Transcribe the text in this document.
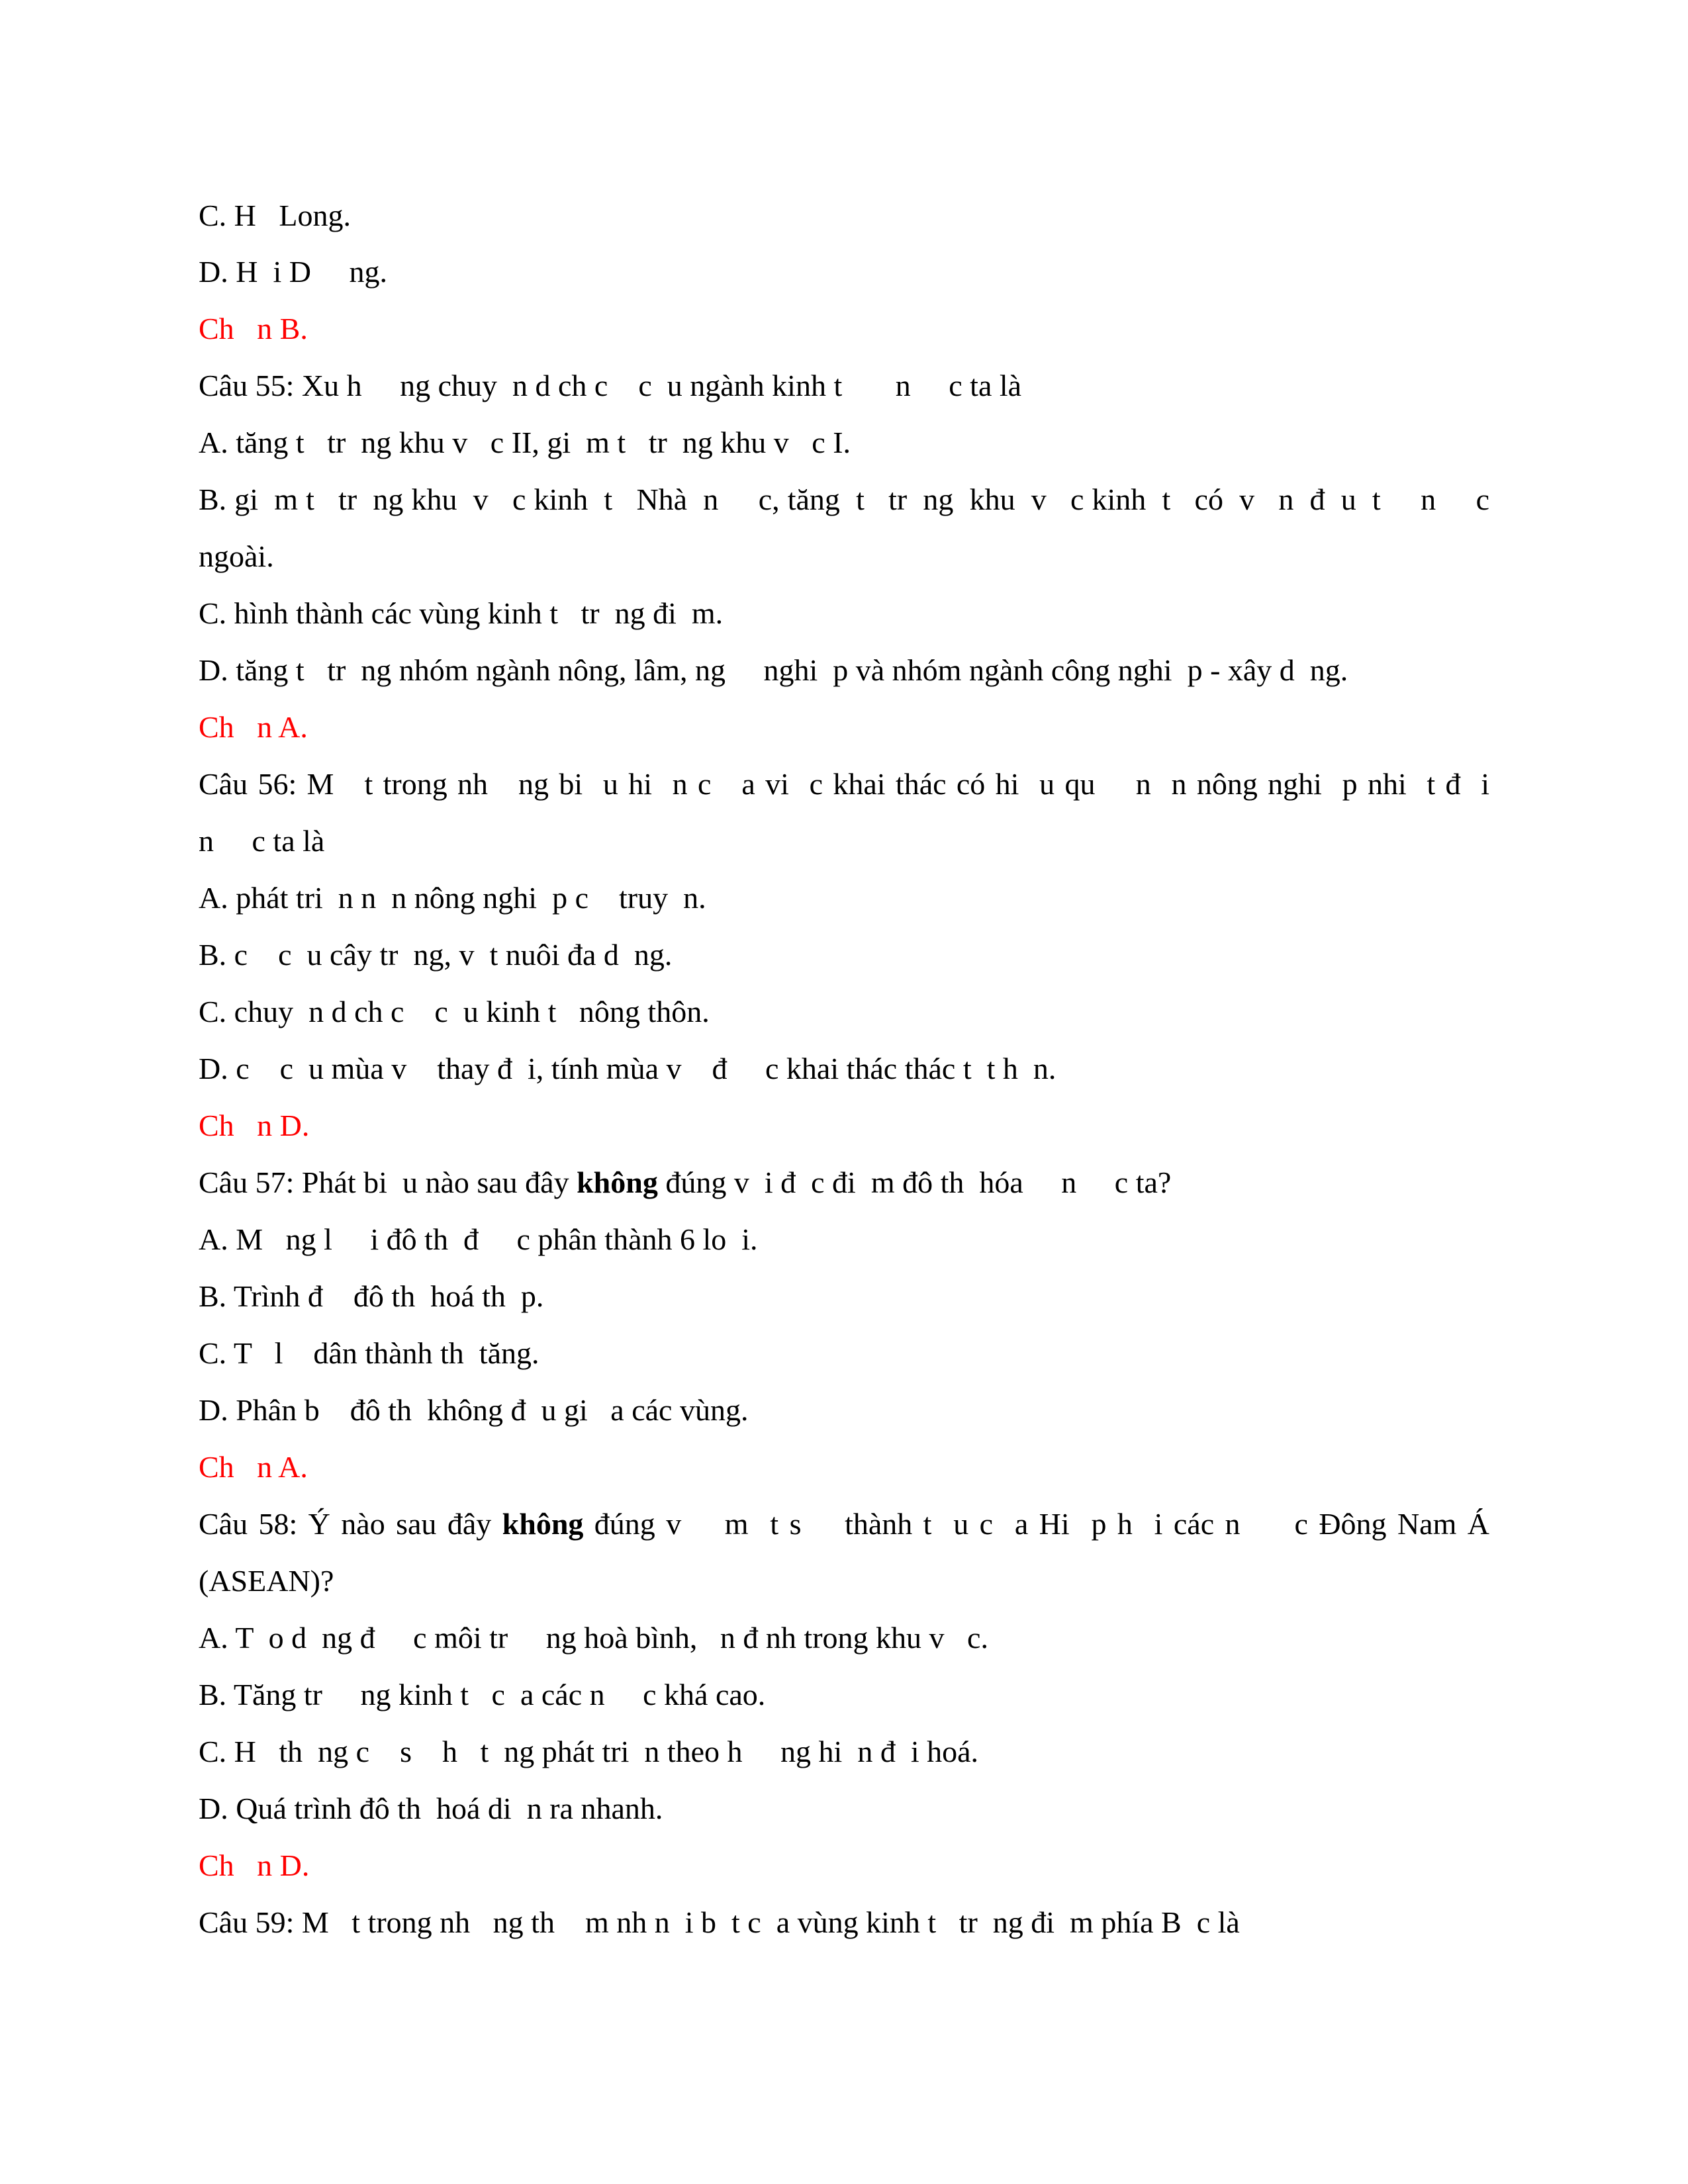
C. H   Long.
D. H  i D     ng.
Ch   n B.
Câu 55: Xu h     ng chuy  n d ch c    c  u ngành kinh t       n     c ta là
A. tăng t   tr  ng khu v   c II, gi  m t   tr  ng khu v   c I.
B. gi  m t   tr  ng khu  v   c kinh  t   Nhà  n     c, tăng  t   tr  ng  khu  v   c kinh  t   có  v   n  đ  u  t     n     c
ngoài.
C. hình thành các vùng kinh t   tr  ng đi  m.
D. tăng t   tr  ng nhóm ngành nông, lâm, ng     nghi  p và nhóm ngành công nghi  p - xây d  ng.
Ch   n A.
Câu 56: M   t trong nh   ng bi  u hi  n c   a vi  c khai thác có hi  u qu    n  n nông nghi  p nhi  t đ  i
n     c ta là
A. phát tri  n n  n nông nghi  p c    truy  n.
B. c    c  u cây tr  ng, v  t nuôi đa d  ng.
C. chuy  n d ch c    c  u kinh t   nông thôn.
D. c    c  u mùa v    thay đ  i, tính mùa v    đ     c khai thác thác t  t h  n.
Ch   n D.
Câu 57: Phát bi  u nào sau đây không đúng v  i đ  c đi  m đô th  hóa     n     c ta?
A. M   ng l     i đô th  đ     c phân thành 6 lo  i.
B. Trình đ    đô th  hoá th  p.
C. T   l    dân thành th  tăng.
D. Phân b    đô th  không đ  u gi   a các vùng.
Ch   n A.
Câu 58: Ý nào sau đây không đúng v    m  t s    thành t  u c  a Hi  p h  i các n     c Đông Nam Á
(ASEAN)?
A. T  o d  ng đ     c môi tr     ng hoà bình,   n đ nh trong khu v   c.
B. Tăng tr     ng kinh t   c  a các n     c khá cao.
C. H   th  ng c    s    h   t  ng phát tri  n theo h     ng hi  n đ  i hoá.
D. Quá trình đô th  hoá di  n ra nhanh.
Ch   n D.
Câu 59: M   t trong nh   ng th    m nh n  i b  t c  a vùng kinh t   tr  ng đi  m phía B  c là
